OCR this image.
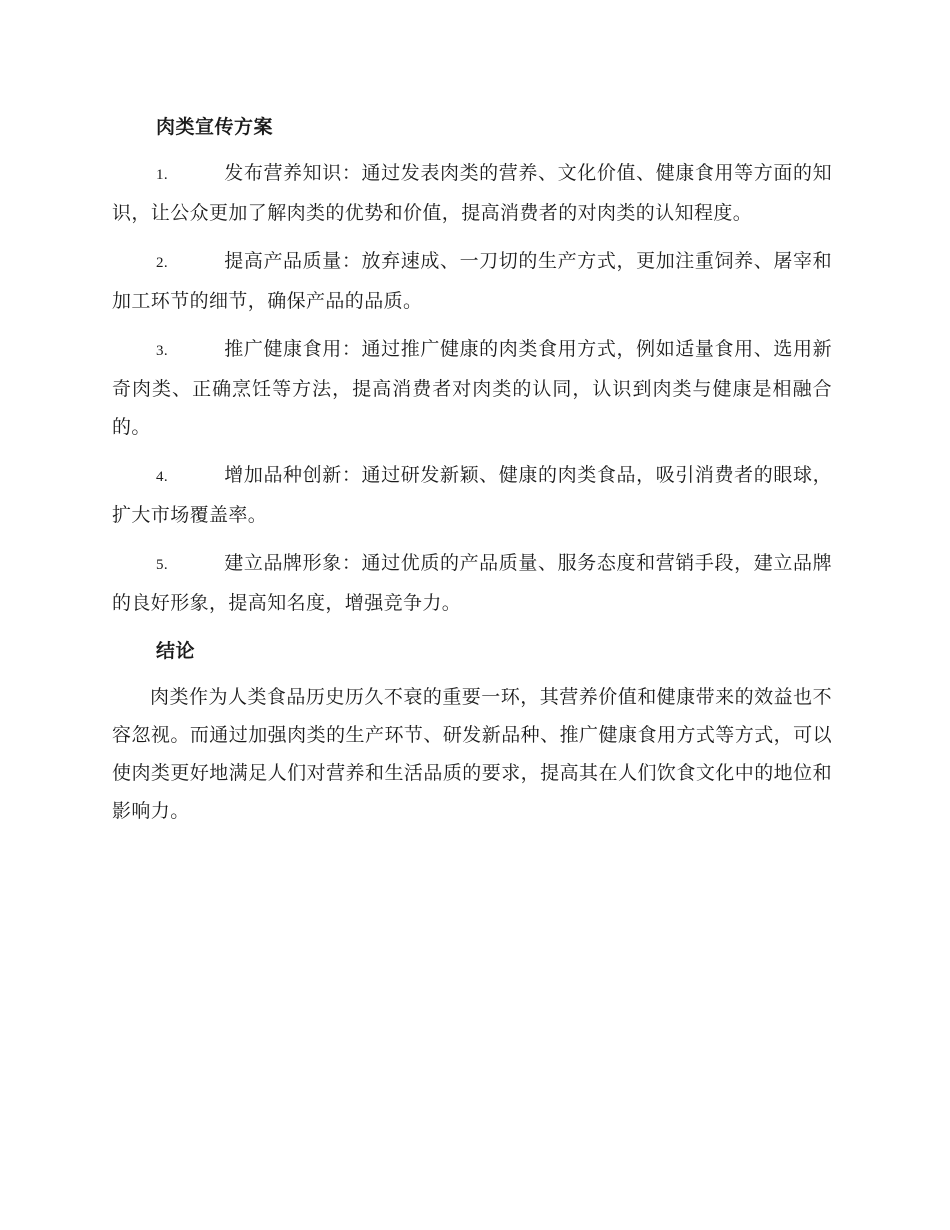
肉类宣传方案

1.	发布营养知识：通过发表肉类的营养、文化价值、健康食用等方面的知识，让公众更加了解肉类的优势和价值，提高消费者的对肉类的认知程度。

2.	提高产品质量：放弃速成、一刀切的生产方式，更加注重饲养、屠宰和加工环节的细节，确保产品的品质。

3.	推广健康食用：通过推广健康的肉类食用方式，例如适量食用、选用新奇肉类、正确烹饪等方法，提高消费者对肉类的认同，认识到肉类与健康是相融合的。

4.	增加品种创新：通过研发新颖、健康的肉类食品，吸引消费者的眼球，扩大市场覆盖率。

5.	建立品牌形象：通过优质的产品质量、服务态度和营销手段，建立品牌的良好形象，提高知名度，增强竞争力。

结论

肉类作为人类食品历史历久不衰的重要一环，其营养价值和健康带来的效益也不容忽视。而通过加强肉类的生产环节、研发新品种、推广健康食用方式等方式，可以使肉类更好地满足人们对营养和生活品质的要求，提高其在人们饮食文化中的地位和影响力。
